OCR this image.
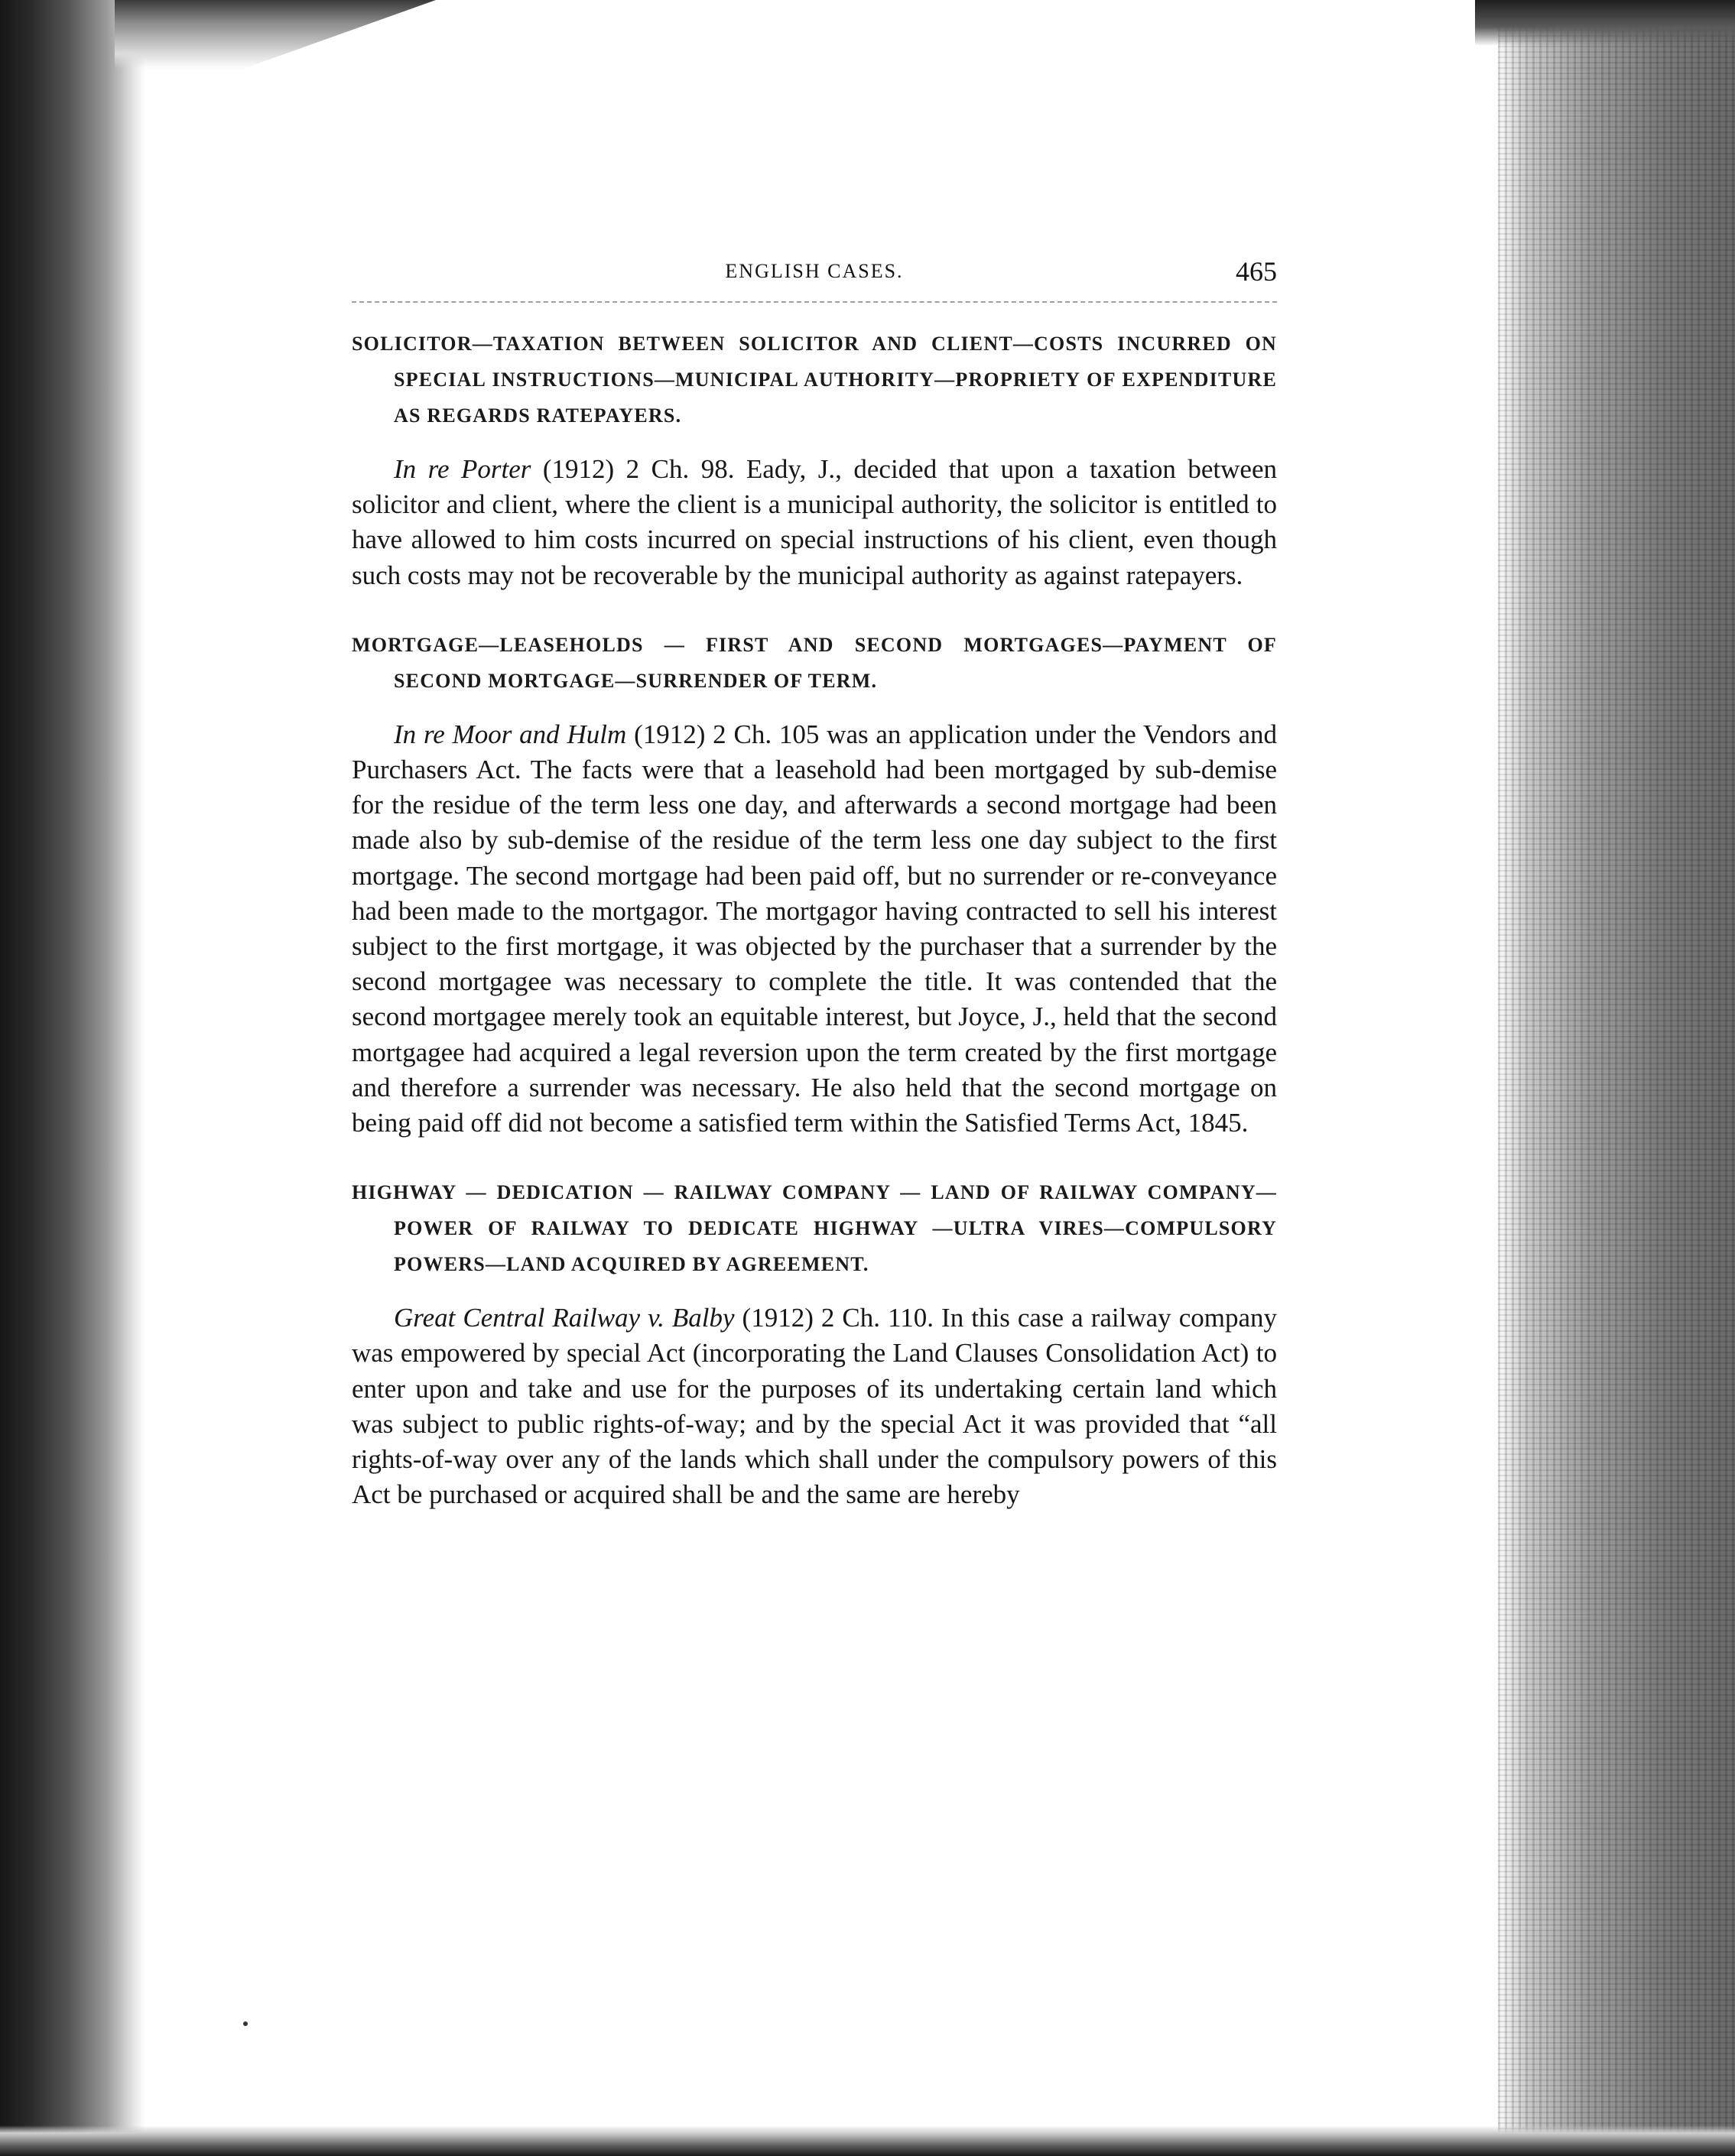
ENGLISH CASES.	465
SOLICITOR—TAXATION BETWEEN SOLICITOR AND CLIENT—COSTS INCURRED ON SPECIAL INSTRUCTIONS—MUNICIPAL AUTHORITY—PROPRIETY OF EXPENDITURE AS REGARDS RATEPAYERS.
In re Porter (1912) 2 Ch. 98. Eady, J., decided that upon a taxation between solicitor and client, where the client is a municipal authority, the solicitor is entitled to have allowed to him costs incurred on special instructions of his client, even though such costs may not be recoverable by the municipal authority as against ratepayers.
MORTGAGE—LEASEHOLDS — FIRST AND SECOND MORTGAGES—PAYMENT OF SECOND MORTGAGE—SURRENDER OF TERM.
In re Moor and Hulm (1912) 2 Ch. 105 was an application under the Vendors and Purchasers Act. The facts were that a leasehold had been mortgaged by sub-demise for the residue of the term less one day, and afterwards a second mortgage had been made also by sub-demise of the residue of the term less one day subject to the first mortgage. The second mortgage had been paid off, but no surrender or re-conveyance had been made to the mortgagor. The mortgagor having contracted to sell his interest subject to the first mortgage, it was objected by the purchaser that a surrender by the second mortgagee was necessary to complete the title. It was contended that the second mortgagee merely took an equitable interest, but Joyce, J., held that the second mortgagee had acquired a legal reversion upon the term created by the first mortgage and therefore a surrender was necessary. He also held that the second mortgage on being paid off did not become a satisfied term within the Satisfied Terms Act, 1845.
HIGHWAY — DEDICATION — RAILWAY COMPANY — LAND OF RAILWAY COMPANY—POWER OF RAILWAY TO DEDICATE HIGHWAY —ULTRA VIRES—COMPULSORY POWERS—LAND ACQUIRED BY AGREEMENT.
Great Central Railway v. Balby (1912) 2 Ch. 110. In this case a railway company was empowered by special Act (incorporating the Land Clauses Consolidation Act) to enter upon and take and use for the purposes of its undertaking certain land which was subject to public rights-of-way; and by the special Act it was provided that “all rights-of-way over any of the lands which shall under the compulsory powers of this Act be purchased or acquired shall be and the same are hereby
